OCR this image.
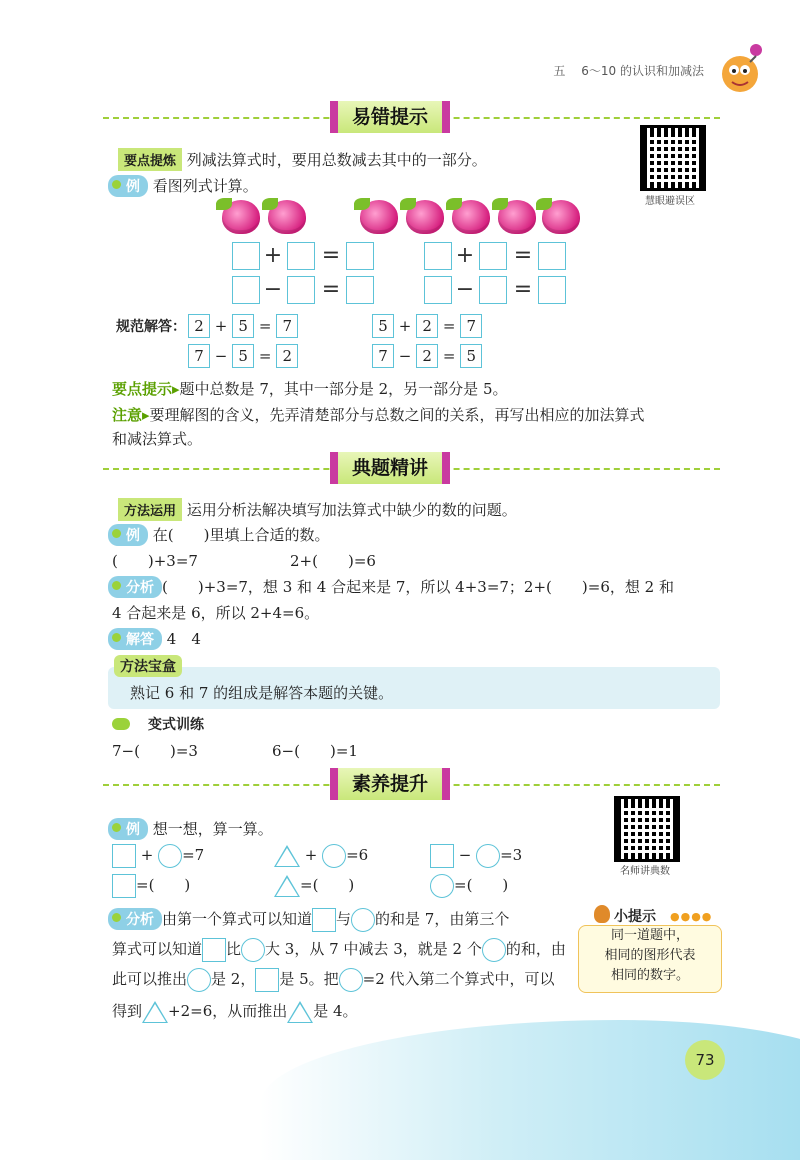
五　 6～10 的认识和加减法
易错提示
慧眼避误区
要点提炼 列减法算式时，要用总数减去其中的一部分。
例 看图列式计算。
+ =	+ =
− =	− =
规范解答： 2 + 5 = 7	5 + 2 = 7
7 − 5 = 2	7 − 2 = 5
要点提示▸题中总数是 7，其中一部分是 2，另一部分是 5。
注意▸要理解图的含义，先弄清楚部分与总数之间的关系，再写出相应的加法算式
和减法算式。
典题精讲
方法运用 运用分析法解决填写加法算式中缺少的数的问题。
例 在(　　)里填上合适的数。
(　　)+3=7	2+(　　)=6
分析 (　　)+3=7，想 3 和 4 合起来是 7，所以 4+3=7；2+(　　)=6，想 2 和
4 合起来是 6，所以 2+4=6。
解答 4　4
方法宝盒
熟记 6 和 7 的组成是解答本题的关键。
变式训练
7−(　　)=3	6−(　　)=1
素养提升
名师讲典数
例 想一想，算一算。
+ =7	+ =6	− =3
=(　　)	=(　　)	=(　　)
分析 由第一个算式可以知道 与 的和是 7，由第三个
算式可以知道 比 大 3，从 7 中减去 3，就是 2 个 的和，由
此可以推出 是 2， 是 5。把 =2 代入第二个算式中，可以
得到 +2=6，从而推出 是 4。
小提示 ●●●●
同一道题中，
相同的图形代表
相同的数字。
73
